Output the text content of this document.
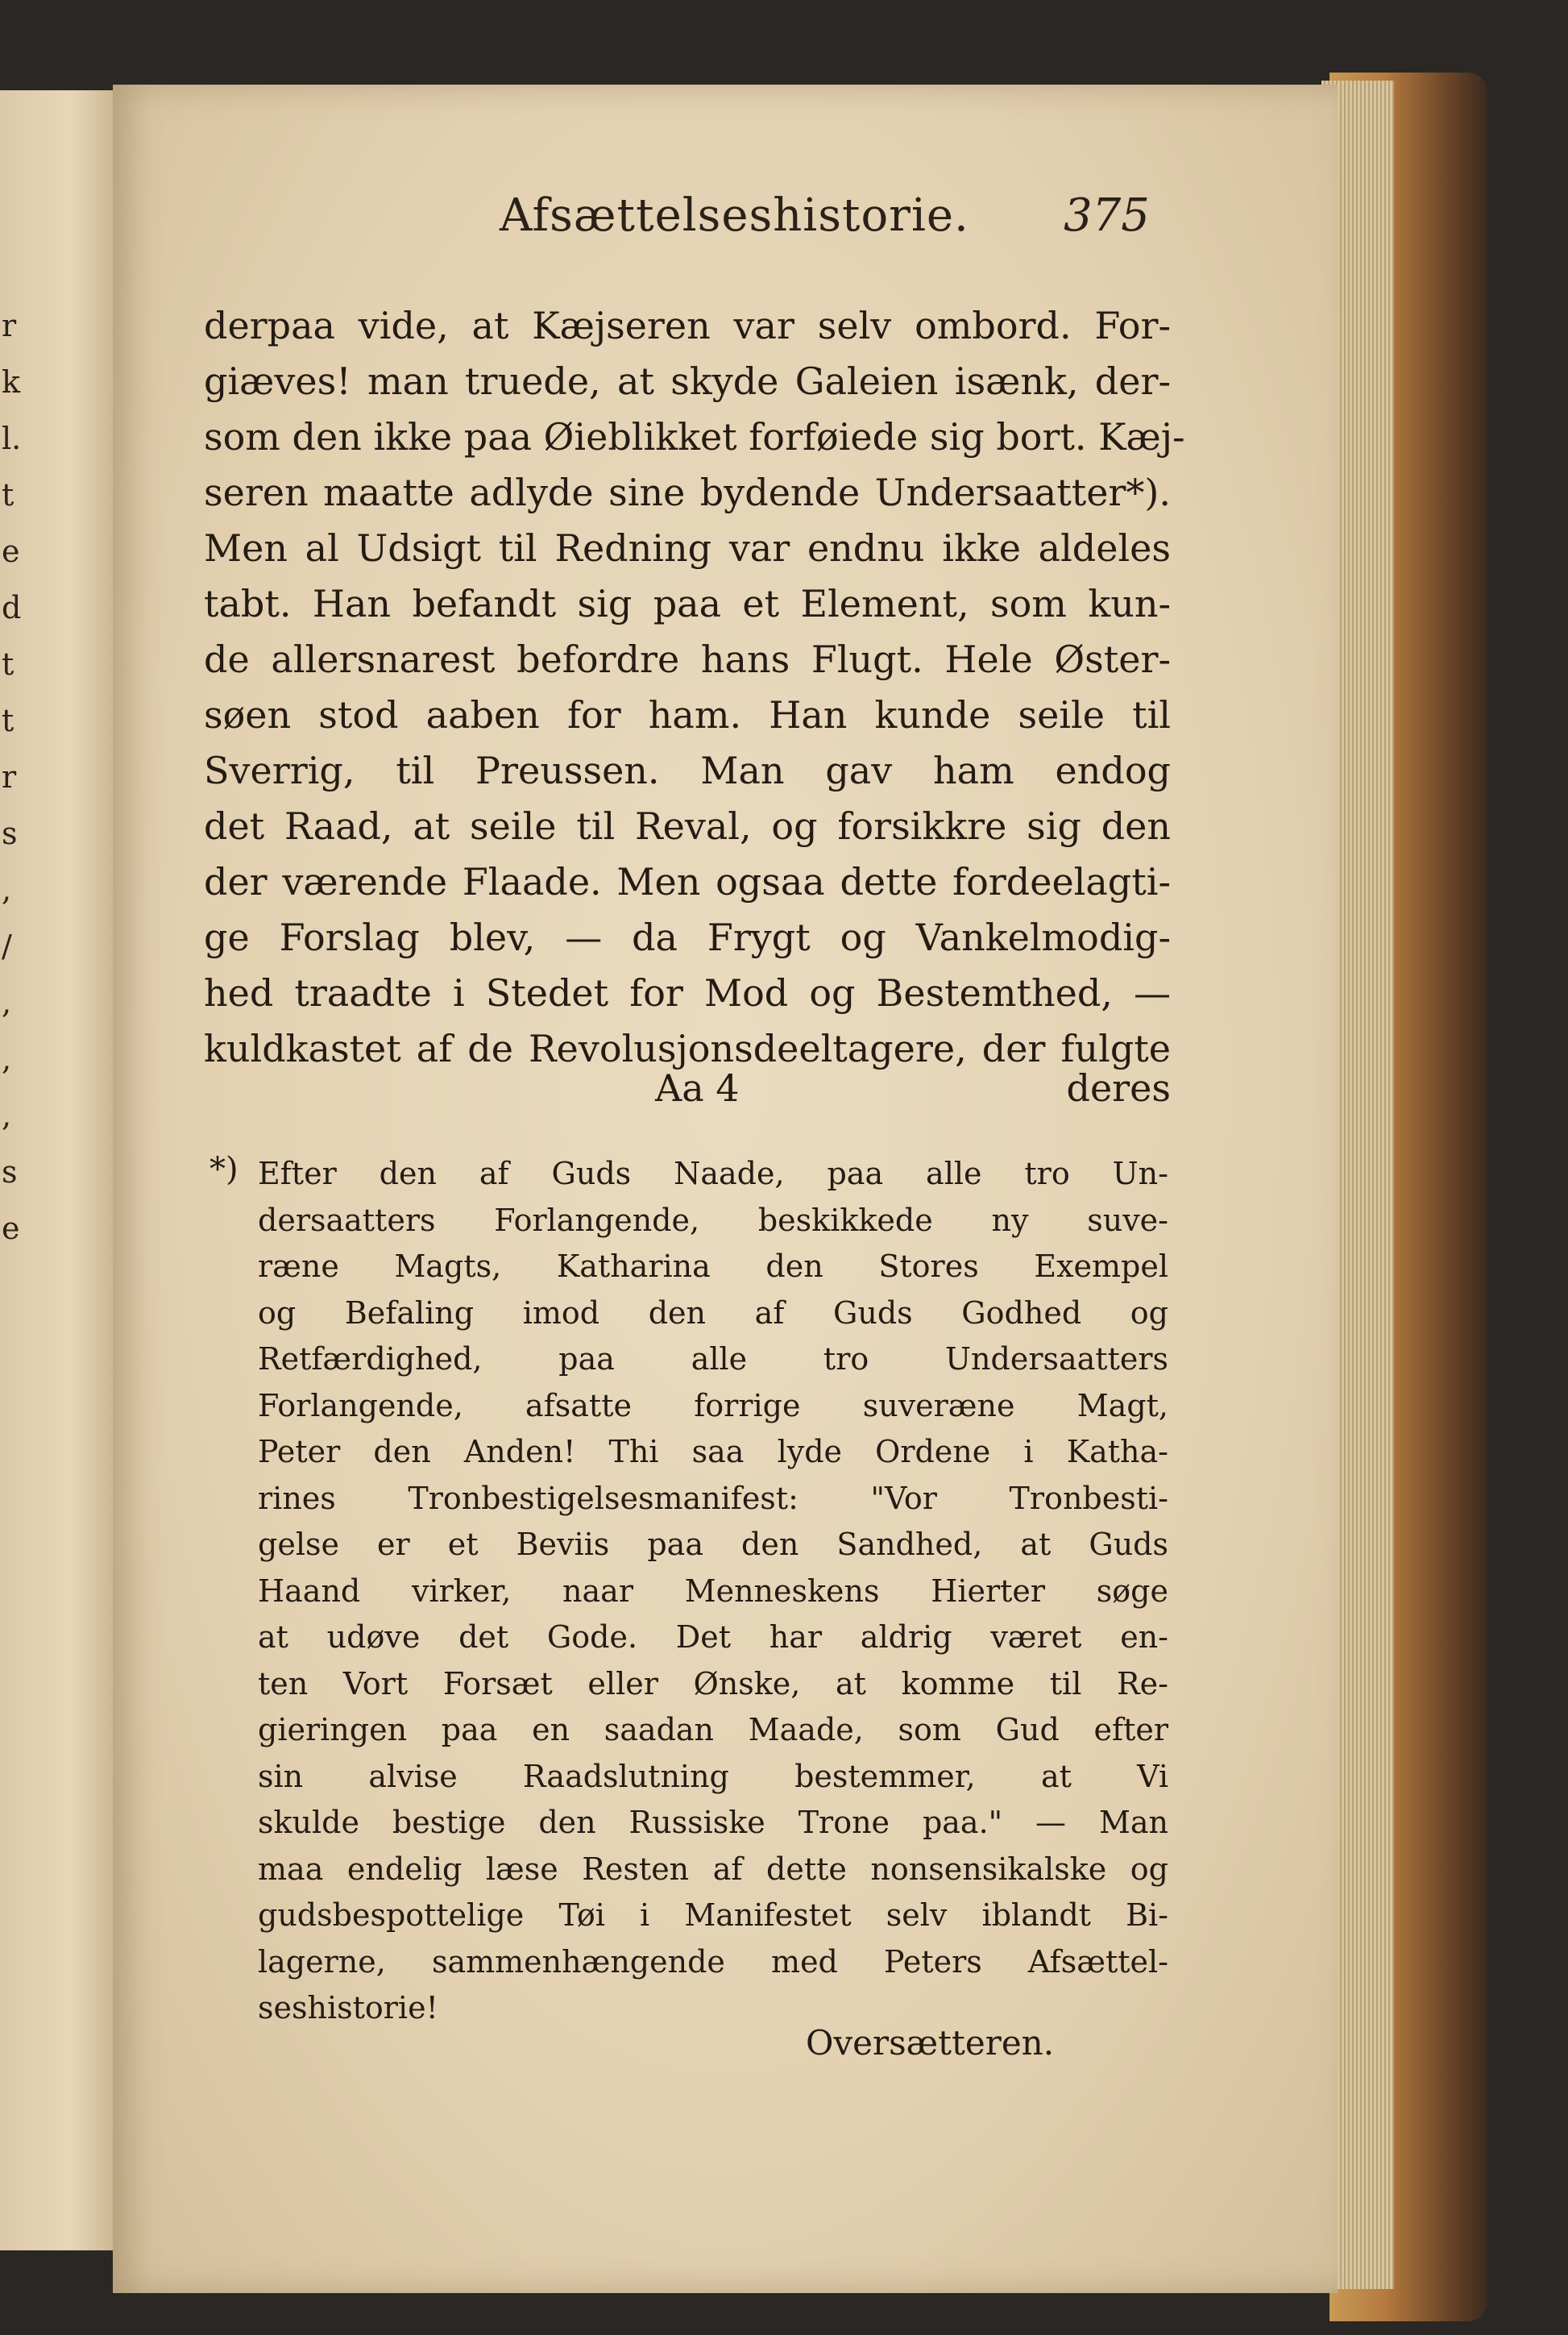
r
k
l.
t
e
d
t
t
r
s
,
/
,
,
,
s
e
Afsættelseshistorie. 375
derpaa vide, at Kæjseren var selv ombord. For-
giæves! man truede, at skyde Galeien isænk, der-
som den ikke paa Øieblikket forføiede sig bort. Kæj-
seren maatte adlyde sine bydende Undersaatter*).
Men al Udsigt til Redning var endnu ikke aldeles
tabt. Han befandt sig paa et Element, som kun-
de allersnarest befordre hans Flugt. Hele Øster-
søen stod aaben for ham. Han kunde seile til
Sverrig, til Preussen. Man gav ham endog
det Raad, at seile til Reval, og forsikkre sig den
der værende Flaade. Men ogsaa dette fordeelagti-
ge Forslag blev, — da Frygt og Vankelmodig-
hed traadte i Stedet for Mod og Bestemthed, —
kuldkastet af de Revolusjonsdeeltagere, der fulgte
Aa 4	deres
*) Efter den af Guds Naade, paa alle tro Un-
dersaatters Forlangende, beskikkede ny suve-
ræne Magts, Katharina den Stores Exempel
og Befaling imod den af Guds Godhed og
Retfærdighed, paa alle tro Undersaatters
Forlangende, afsatte forrige suveræne Magt,
Peter den Anden! Thi saa lyde Ordene i Katha-
rines Tronbestigelsesmanifest: "Vor Tronbesti-
gelse er et Beviis paa den Sandhed, at Guds
Haand virker, naar Menneskens Hierter søge
at udøve det Gode. Det har aldrig været en-
ten Vort Forsæt eller Ønske, at komme til Re-
gieringen paa en saadan Maade, som Gud efter
sin alvise Raadslutning bestemmer, at Vi
skulde bestige den Russiske Trone paa." — Man
maa endelig læse Resten af dette nonsensikalske og
gudsbespottelige Tøi i Manifestet selv iblandt Bi-
lagerne, sammenhængende med Peters Afsættel-
seshistorie!
Oversætteren.
